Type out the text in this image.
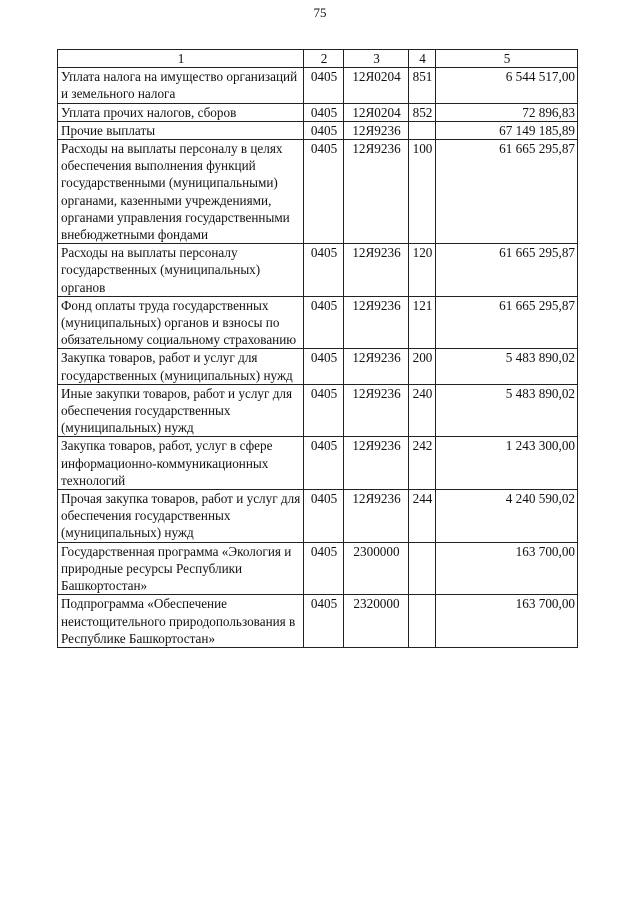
75
1	2	3	4	5
Уплата налога на имущество организаций и земельного налога	0405	12Я0204	851	6 544 517,00
Уплата прочих налогов, сборов	0405	12Я0204	852	72 896,83
Прочие выплаты	0405	12Я9236		67 149 185,89
Расходы на выплаты персоналу в целях обеспечения выполнения функций государственными (муниципальными) органами, казенными учреждениями, органами управления государственными внебюджетными фондами	0405	12Я9236	100	61 665 295,87
Расходы на выплаты персоналу государственных (муниципальных) органов	0405	12Я9236	120	61 665 295,87
Фонд оплаты труда государственных (муниципальных) органов и взносы по обязательному социальному страхованию	0405	12Я9236	121	61 665 295,87
Закупка товаров, работ и услуг для государственных (муниципальных) нужд	0405	12Я9236	200	5 483 890,02
Иные закупки товаров, работ и услуг для обеспечения государственных (муниципальных) нужд	0405	12Я9236	240	5 483 890,02
Закупка товаров, работ, услуг в сфере информационно-коммуникационных технологий	0405	12Я9236	242	1 243 300,00
Прочая закупка товаров, работ и услуг для обеспечения государственных (муниципальных) нужд	0405	12Я9236	244	4 240 590,02
Государственная программа «Экология и природные ресурсы Республики Башкортостан»	0405	2300000		163 700,00
Подпрограмма «Обеспечение неистощительного природопользования в Республике Башкортостан»	0405	2320000		163 700,00
